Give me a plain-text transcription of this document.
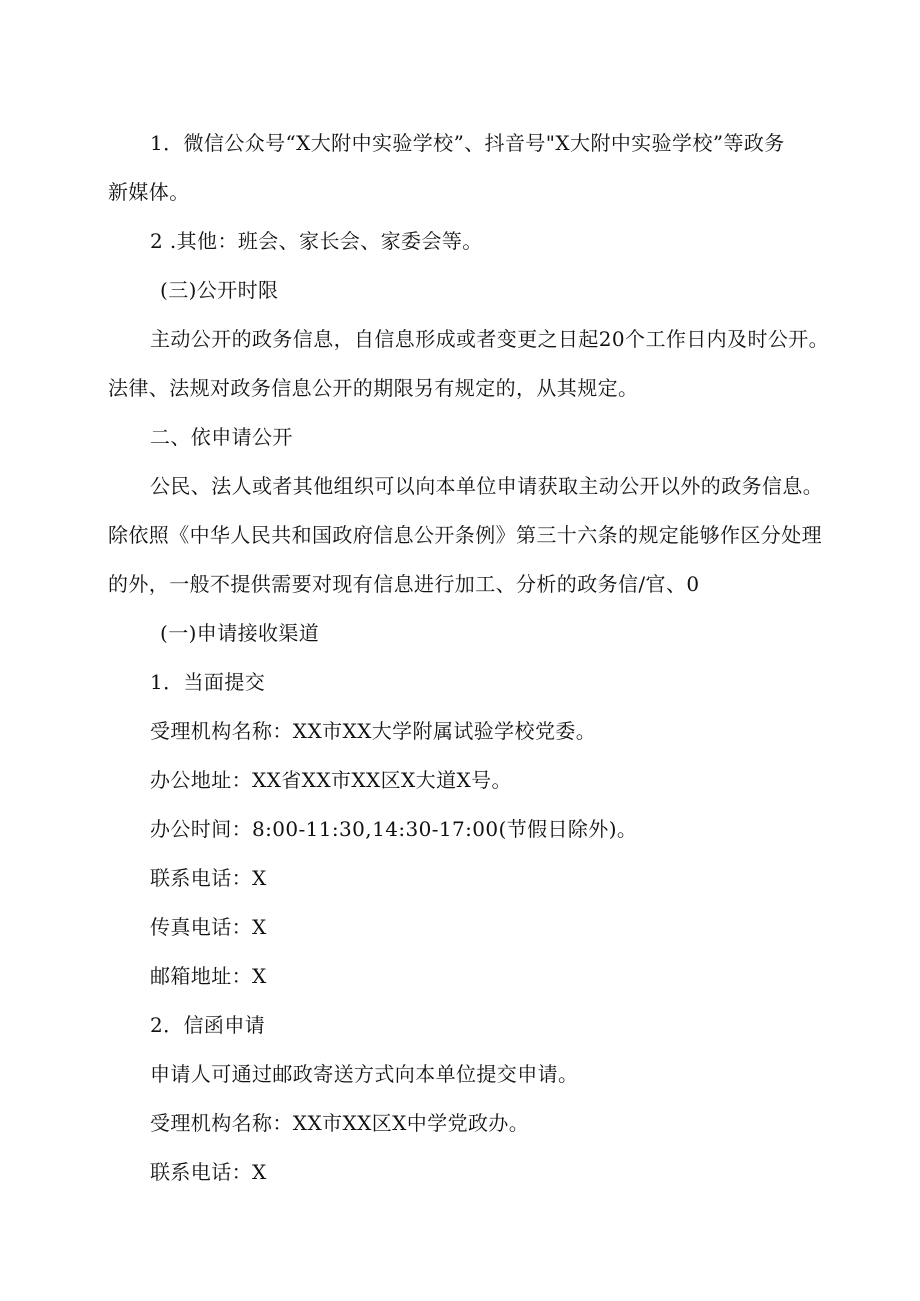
1．微信公众号“X大附中实验学校”、抖音号"X大附中实验学校”等政务
新媒体。
2 .其他：班会、家长会、家委会等。
(三)公开时限
主动公开的政务信息，自信息形成或者变更之日起20个工作日内及时公开。
法律、法规对政务信息公开的期限另有规定的，从其规定。
二、依申请公开
公民、法人或者其他组织可以向本单位申请获取主动公开以外的政务信息。
除依照《中华人民共和国政府信息公开条例》第三十六条的规定能够作区分处理
的外，一般不提供需要对现有信息进行加工、分析的政务信/官、0
(一)申请接收渠道
1．当面提交
受理机构名称：XX市XX大学附属试验学校党委。
办公地址：XX省XX市XX区X大道X号。
办公时间：8:00-11:30,14:30-17:00(节假日除外)。
联系电话：X
传真电话：X
邮箱地址：X
2．信函申请
申请人可通过邮政寄送方式向本单位提交申请。
受理机构名称：XX市XX区X中学党政办。
联系电话：X
